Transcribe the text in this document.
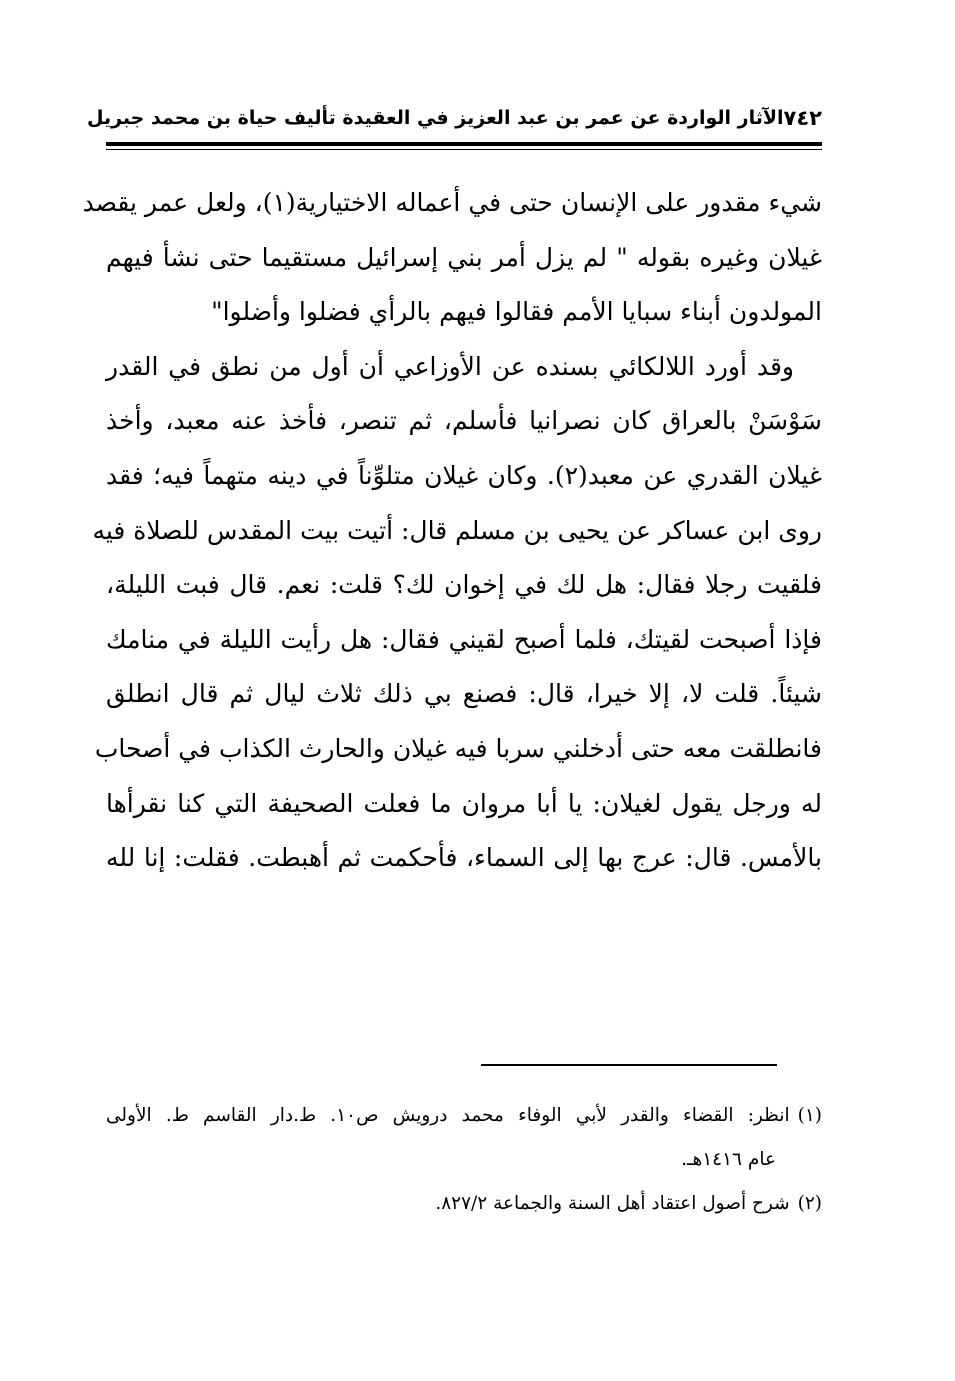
٧٤٢
الآثار الواردة عن عمر بن عبد العزيز في العقيدة تأليف حياة بن محمد جبريل
شيء مقدور على الإنسان حتى في أعماله الاختيارية(١)، ولعل عمر يقصد
غيلان وغيره بقوله " لم يزل أمر بني إسرائيل مستقيما حتى نشأ فيهم
المولدون أبناء سبايا الأمم فقالوا فيهم بالرأي فضلوا وأضلوا"
وقد أورد اللالكائي بسنده عن الأوزاعي أن أول من نطق في القدر
سَوْسَنْ بالعراق كان نصرانيا فأسلم، ثم تنصر، فأخذ عنه معبد، وأخذ
غيلان القدري عن معبد(٢). وكان غيلان متلوِّناً في دينه متهماً فيه؛ فقد
روى ابن عساكر عن يحيى بن مسلم قال: أتيت بيت المقدس للصلاة فيه
فلقيت رجلا فقال: هل لك في إخوان لك؟ قلت: نعم. قال فبت الليلة،
فإذا أصبحت لقيتك، فلما أصبح لقيني فقال: هل رأيت الليلة في منامك
شيئاً. قلت لا، إلا خيرا، قال: فصنع بي ذلك ثلاث ليال ثم قال انطلق
فانطلقت معه حتى أدخلني سربا فيه غيلان والحارث الكذاب في أصحاب
له ورجل يقول لغيلان: يا أبا مروان ما فعلت الصحيفة التي كنا نقرأها
بالأمس. قال: عرج بها إلى السماء، فأحكمت ثم أهبطت. فقلت: إنا لله
(١)انظر: القضاء والقدر لأبي الوفاء محمد درويش ص١٠. ط.دار القاسم ط. الأولى
عام ١٤١٦هـ.
(٢)شرح أصول اعتقاد أهل السنة والجماعة ٨٢٧/٢.
